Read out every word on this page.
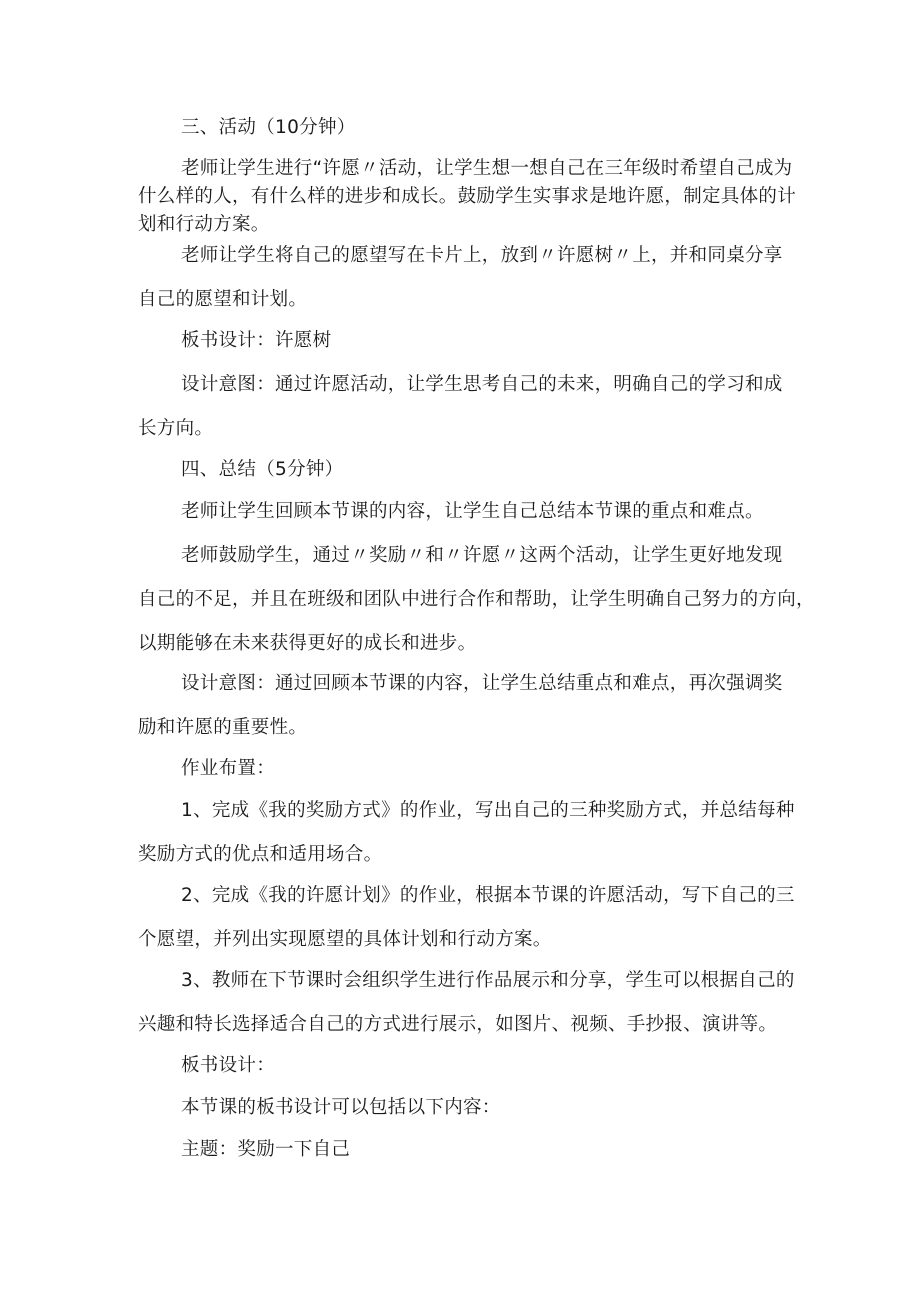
三、活动（10分钟）

老师让学生进行“许愿〃活动，让学生想一想自己在三年级时希望自己成为
什么样的人，有什么样的进步和成长。鼓励学生实事求是地许愿，制定具体的计
划和行动方案。

老师让学生将自己的愿望写在卡片上，放到〃许愿树〃上，并和同桌分享
自己的愿望和计划。

板书设计：许愿树

设计意图：通过许愿活动，让学生思考自己的未来，明确自己的学习和成
长方向。

四、总结（5分钟）

老师让学生回顾本节课的内容，让学生自己总结本节课的重点和难点。

老师鼓励学生，通过〃奖励〃和〃许愿〃这两个活动，让学生更好地发现
自己的不足，并且在班级和团队中进行合作和帮助，让学生明确自己努力的方向，
以期能够在未来获得更好的成长和进步。

设计意图：通过回顾本节课的内容，让学生总结重点和难点，再次强调奖
励和许愿的重要性。

作业布置：

1、完成《我的奖励方式》的作业，写出自己的三种奖励方式，并总结每种
奖励方式的优点和适用场合。

2、完成《我的许愿计划》的作业，根据本节课的许愿活动，写下自己的三
个愿望，并列出实现愿望的具体计划和行动方案。

3、教师在下节课时会组织学生进行作品展示和分享，学生可以根据自己的
兴趣和特长选择适合自己的方式进行展示，如图片、视频、手抄报、演讲等。

板书设计：

本节课的板书设计可以包括以下内容：

主题：奖励一下自己
